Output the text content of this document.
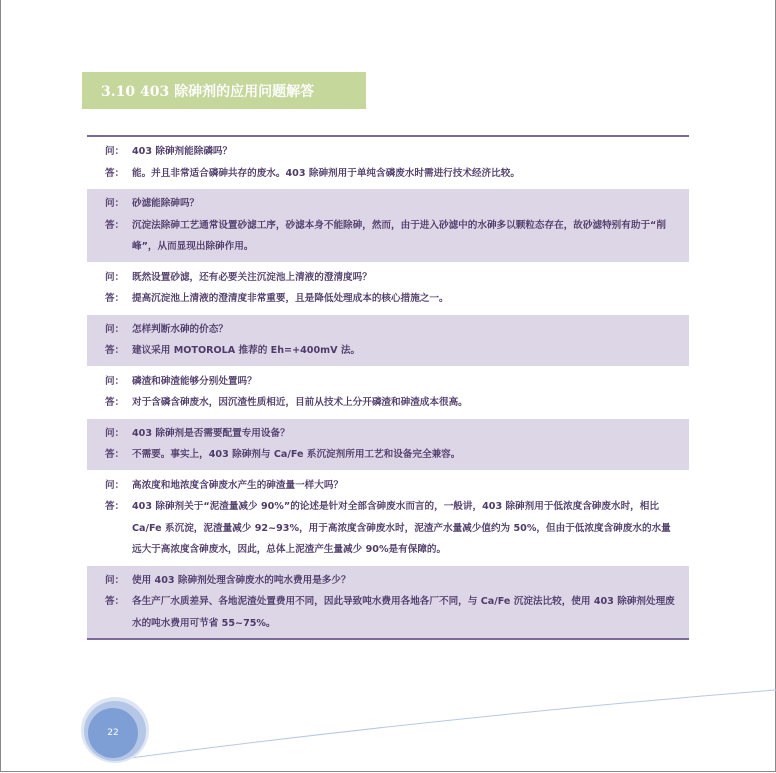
3.10 403 除砷剂的应用问题解答
问： 403 除砷剂能除磷吗？
答： 能。并且非常适合磷砷共存的废水。403 除砷剂用于单纯含磷废水时需进行技术经济比较。
问： 砂滤能除砷吗？
答： 沉淀法除砷工艺通常设置砂滤工序，砂滤本身不能除砷，然而，由于进入砂滤中的水砷多以颗粒态存在，故砂滤特别有助于“削峰”，从而显现出除砷作用。
问： 既然设置砂滤，还有必要关注沉淀池上清液的澄清度吗？
答： 提高沉淀池上清液的澄清度非常重要，且是降低处理成本的核心措施之一。
问： 怎样判断水砷的价态？
答： 建议采用 MOTOROLA 推荐的 Eh=+400mV 法。
问： 磷渣和砷渣能够分别处置吗？
答： 对于含磷含砷废水，因沉渣性质相近，目前从技术上分开磷渣和砷渣成本很高。
问： 403 除砷剂是否需要配置专用设备？
答： 不需要。事实上，403 除砷剂与 Ca/Fe 系沉淀剂所用工艺和设备完全兼容。
问： 高浓度和地浓度含砷废水产生的砷渣量一样大吗？
答： 403 除砷剂关于“泥渣量减少 90%”的论述是针对全部含砷废水而言的，一般讲，403 除砷剂用于低浓度含砷废水时，相比 Ca/Fe 系沉淀，泥渣量减少 92~93%，用于高浓度含砷废水时，泥渣产水量减少值约为 50%，但由于低浓度含砷废水的水量远大于高浓度含砷废水，因此，总体上泥渣产生量减少 90%是有保障的。
问： 使用 403 除砷剂处理含砷废水的吨水费用是多少？
答： 各生产厂水质差异、各地泥渣处置费用不同，因此导致吨水费用各地各厂不同，与 Ca/Fe 沉淀法比较，使用 403 除砷剂处理废水的吨水费用可节省 55~75%。
22
